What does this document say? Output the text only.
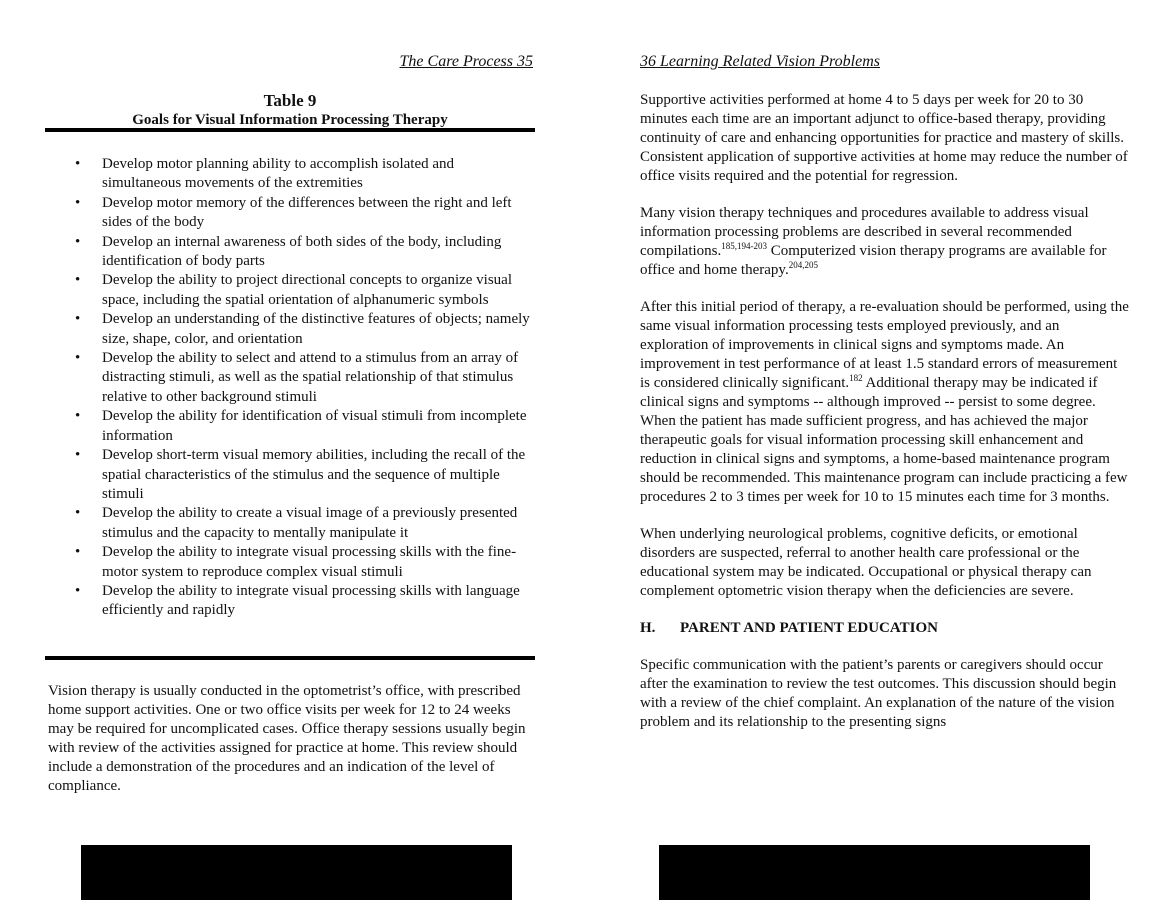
The Care Process 35
Table 9
Goals for Visual Information Processing Therapy
• Develop motor planning ability to accomplish isolated and simultaneous movements of the extremities
• Develop motor memory of the differences between the right and left sides of the body
• Develop an internal awareness of both sides of the body, including identification of body parts
• Develop the ability to project directional concepts to organize visual space, including the spatial orientation of alphanumeric symbols
• Develop an understanding of the distinctive features of objects; namely size, shape, color, and orientation
• Develop the ability to select and attend to a stimulus from an array of distracting stimuli, as well as the spatial relationship of that stimulus relative to other background stimuli
• Develop the ability for identification of visual stimuli from incomplete information
• Develop short-term visual memory abilities, including the recall of the spatial characteristics of the stimulus and the sequence of multiple stimuli
• Develop the ability to create a visual image of a previously presented stimulus and the capacity to mentally manipulate it
• Develop the ability to integrate visual processing skills with the fine-motor system to reproduce complex visual stimuli
• Develop the ability to integrate visual processing skills with language efficiently and rapidly

Vision therapy is usually conducted in the optometrist’s office, with prescribed home support activities. One or two office visits per week for 12 to 24 weeks may be required for uncomplicated cases. Office therapy sessions usually begin with review of the activities assigned for practice at home. This review should include a demonstration of the procedures and an indication of the level of compliance.

36 Learning Related Vision Problems

Supportive activities performed at home 4 to 5 days per week for 20 to 30 minutes each time are an important adjunct to office-based therapy, providing continuity of care and enhancing opportunities for practice and mastery of skills. Consistent application of supportive activities at home may reduce the number of office visits required and the potential for regression.

Many vision therapy techniques and procedures available to address visual information processing problems are described in several recommended compilations.$^{185,194-203}$ Computerized vision therapy programs are available for office and home therapy.$^{204,205}$

After this initial period of therapy, a re-evaluation should be performed, using the same visual information processing tests employed previously, and an exploration of improvements in clinical signs and symptoms made. An improvement in test performance of at least 1.5 standard errors of measurement is considered clinically significant.$^{182}$ Additional therapy may be indicated if clinical signs and symptoms -- although improved -- persist to some degree. When the patient has made sufficient progress, and has achieved the major therapeutic goals for visual information processing skill enhancement and reduction in clinical signs and symptoms, a home-based maintenance program should be recommended. This maintenance program can include practicing a few procedures 2 to 3 times per week for 10 to 15 minutes each time for 3 months.

When underlying neurological problems, cognitive deficits, or emotional disorders are suspected, referral to another health care professional or the educational system may be indicated. Occupational or physical therapy can complement optometric vision therapy when the deficiencies are severe.

H.	PARENT AND PATIENT EDUCATION

Specific communication with the patient’s parents or caregivers should occur after the examination to review the test outcomes. This discussion should begin with a review of the chief complaint. An explanation of the nature of the vision problem and its relationship to the presenting signs
